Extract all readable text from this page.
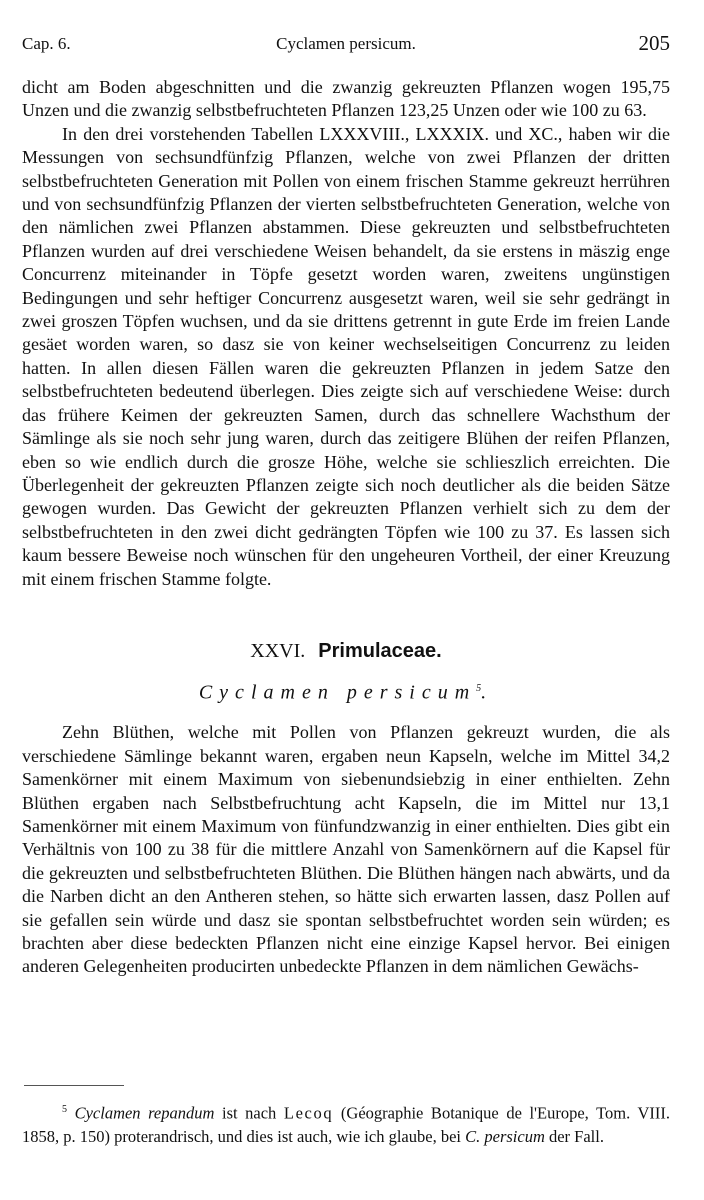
Cap. 6.	Cyclamen persicum.	205

dicht am Boden abgeschnitten und die zwanzig gekreuzten Pflanzen wogen 195,75 Unzen und die zwanzig selbstbefruchteten Pflanzen 123,25 Unzen oder wie 100 zu 63.

In den drei vorstehenden Tabellen LXXXVIII., LXXXIX. und XC., haben wir die Messungen von sechsundfünfzig Pflanzen, welche von zwei Pflanzen der dritten selbstbefruchteten Generation mit Pollen von einem frischen Stamme gekreuzt herrühren und von sechsundfünfzig Pflanzen der vierten selbstbefruchteten Generation, welche von den nämlichen zwei Pflanzen abstammen. Diese gekreuzten und selbstbefruchteten Pflanzen wurden auf drei verschiedene Weisen behandelt, da sie erstens in mäszig enge Concurrenz miteinander in Töpfe gesetzt worden waren, zweitens ungünstigen Bedingungen und sehr heftiger Concurrenz ausgesetzt waren, weil sie sehr gedrängt in zwei groszen Töpfen wuchsen, und da sie drittens getrennt in gute Erde im freien Lande gesäet worden waren, so dasz sie von keiner wechselseitigen Concurrenz zu leiden hatten. In allen diesen Fällen waren die gekreuzten Pflanzen in jedem Satze den selbstbefruchteten bedeutend überlegen. Dies zeigte sich auf verschiedene Weise: durch das frühere Keimen der gekreuzten Samen, durch das schnellere Wachsthum der Sämlinge als sie noch sehr jung waren, durch das zeitigere Blühen der reifen Pflanzen, eben so wie endlich durch die grosze Höhe, welche sie schlieszlich erreichten. Die Überlegenheit der gekreuzten Pflanzen zeigte sich noch deutlicher als die beiden Sätze gewogen wurden. Das Gewicht der gekreuzten Pflanzen verhielt sich zu dem der selbstbefruchteten in den zwei dicht gedrängten Töpfen wie 100 zu 37. Es lassen sich kaum bessere Beweise noch wünschen für den ungeheuren Vortheil, der einer Kreuzung mit einem frischen Stamme folgte.

XXVI. Primulaceae.
Cyclamen persicum$^5$.

Zehn Blüthen, welche mit Pollen von Pflanzen gekreuzt wurden, die als verschiedene Sämlinge bekannt waren, ergaben neun Kapseln, welche im Mittel 34,2 Samenkörner mit einem Maximum von siebenundsiebzig in einer enthielten. Zehn Blüthen ergaben nach Selbstbefruchtung acht Kapseln, die im Mittel nur 13,1 Samenkörner mit einem Maximum von fünfundzwanzig in einer enthielten. Dies gibt ein Verhältnis von 100 zu 38 für die mittlere Anzahl von Samenkörnern auf die Kapsel für die gekreuzten und selbstbefruchteten Blüthen. Die Blüthen hängen nach abwärts, und da die Narben dicht an den Antheren stehen, so hätte sich erwarten lassen, dasz Pollen auf sie gefallen sein würde und dasz sie spontan selbstbefruchtet worden sein würden; es brachten aber diese bedeckten Pflanzen nicht eine einzige Kapsel hervor. Bei einigen anderen Gelegenheiten producirten unbedeckte Pflanzen in dem nämlichen Gewächs-

$^5$ Cyclamen repandum ist nach Lecoq (Géographie Botanique de l'Europe, Tom. VIII. 1858, p. 150) proterandrisch, und dies ist auch, wie ich glaube, bei C. persicum der Fall.
